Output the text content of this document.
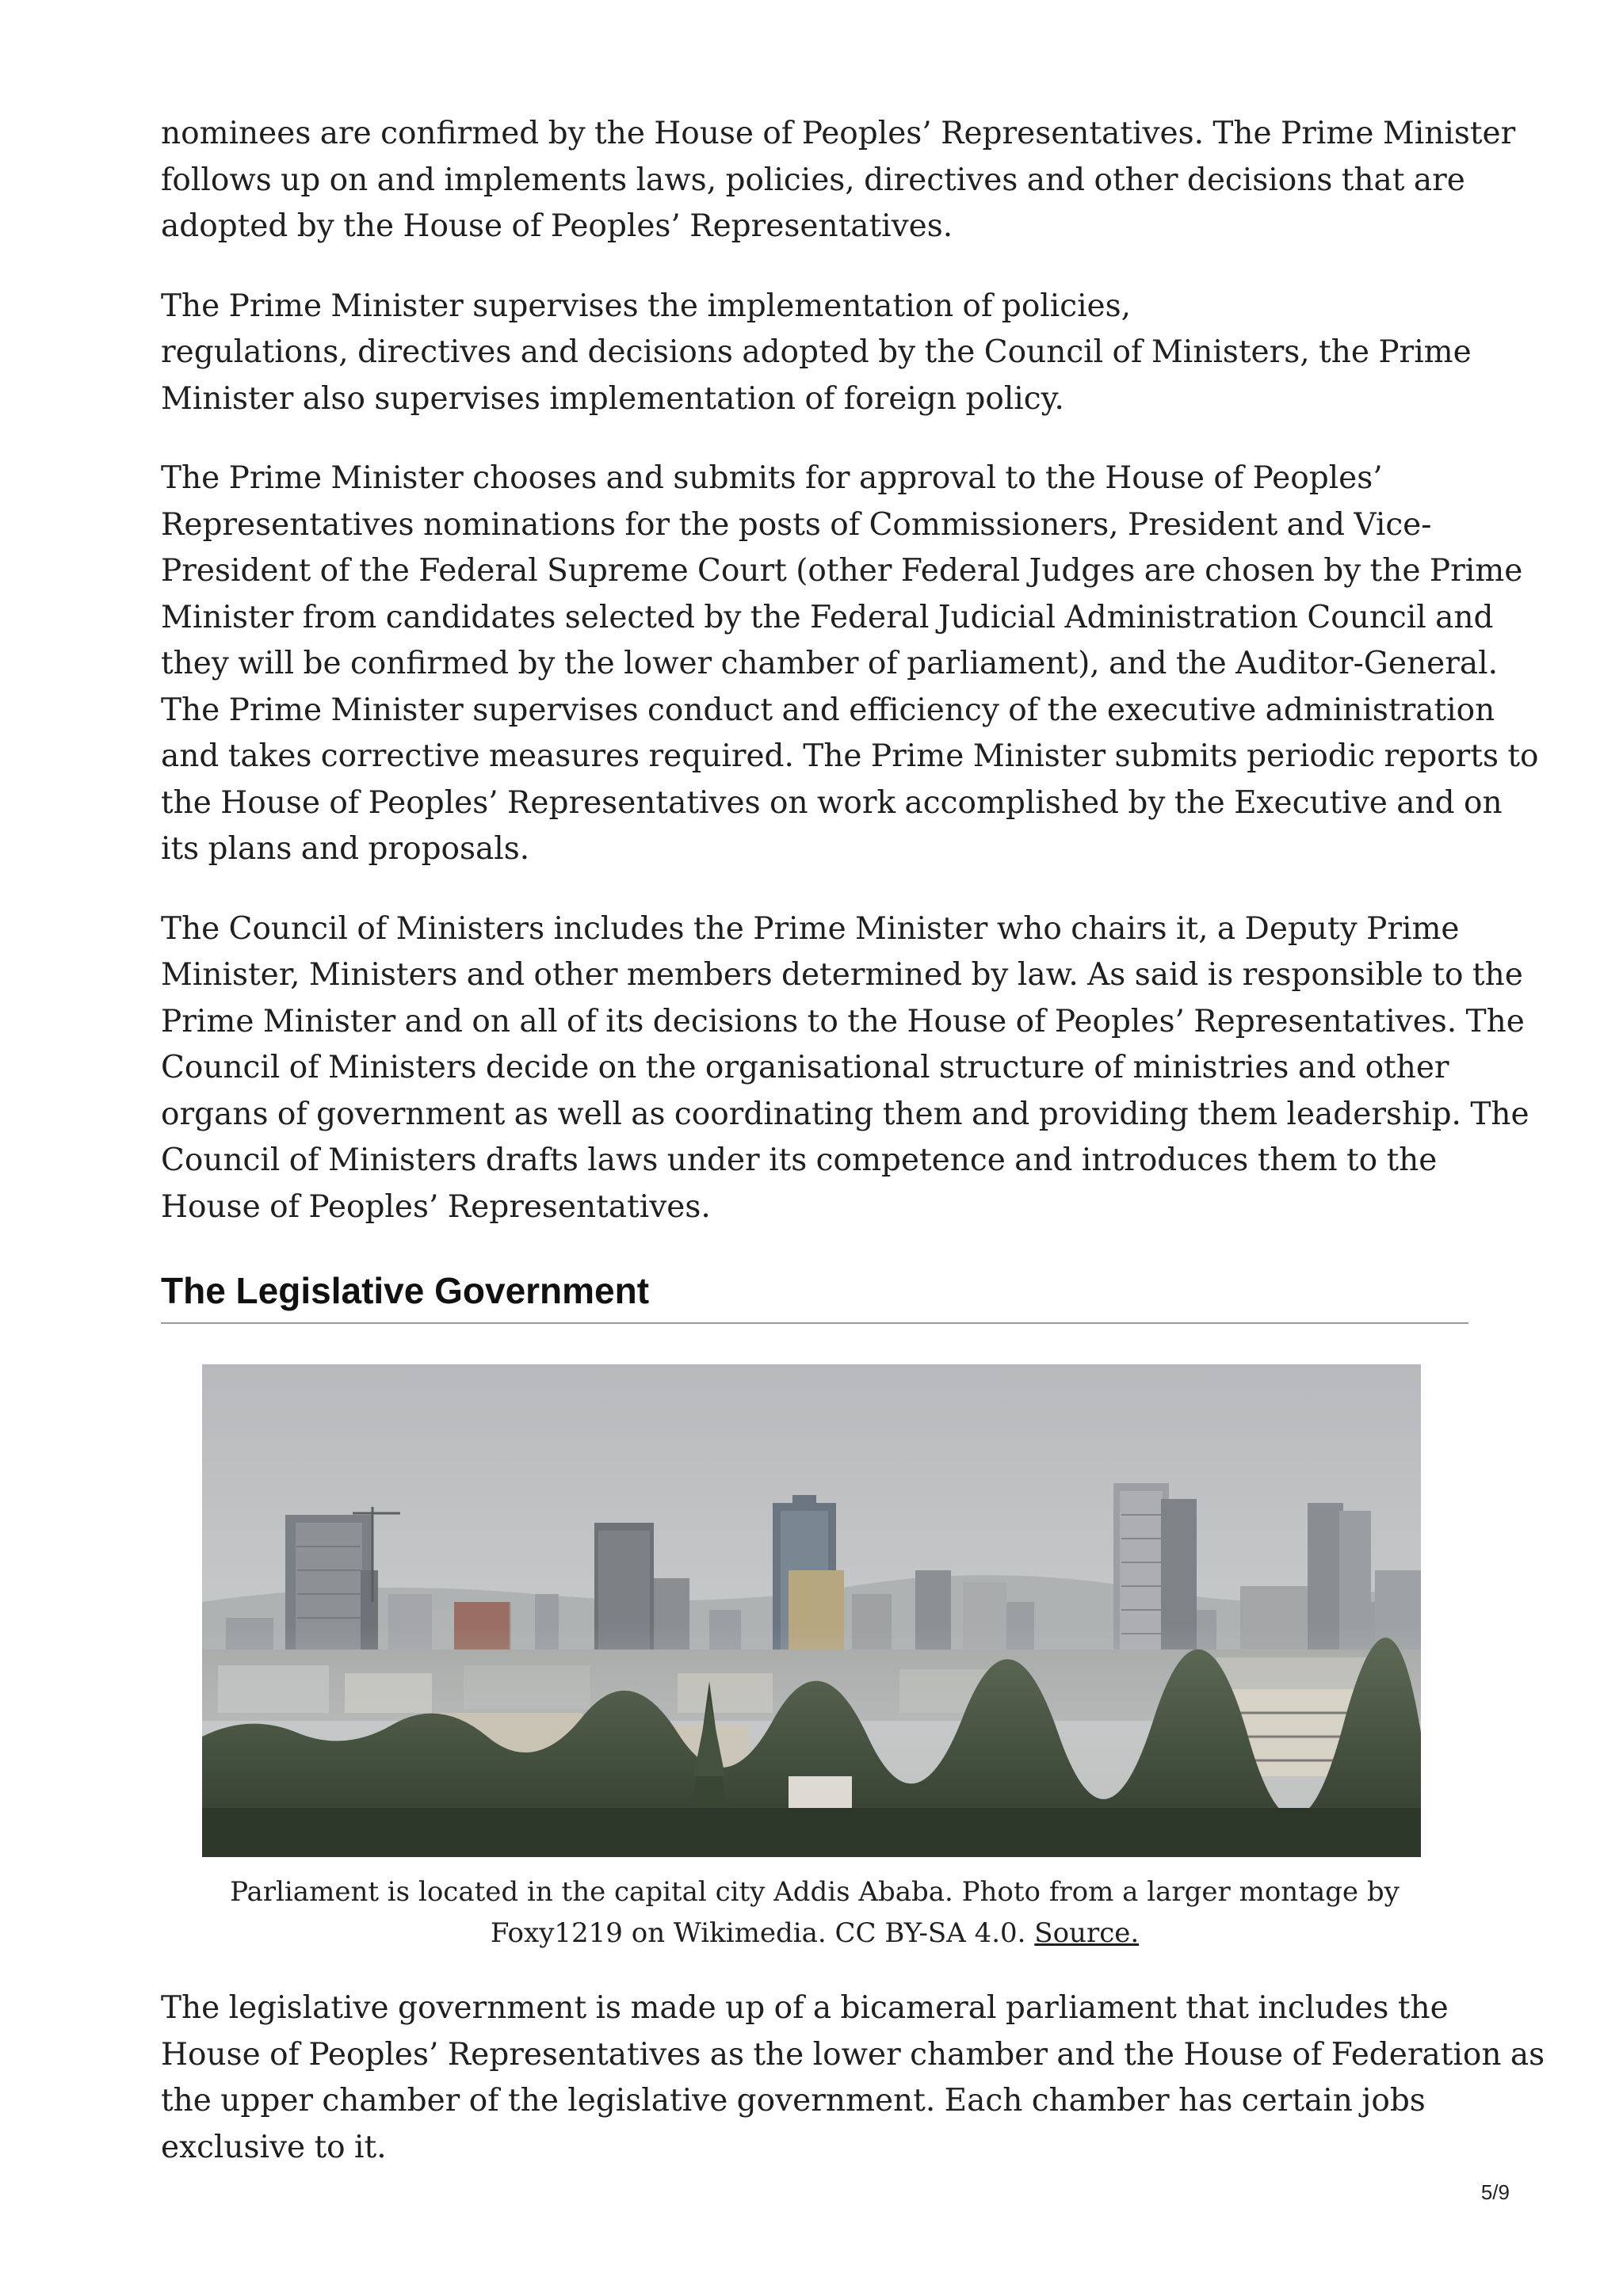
nominees are confirmed by the House of Peoples’ Representatives. The Prime Minister
follows up on and implements laws, policies, directives and other decisions that are
adopted by the House of Peoples’ Representatives.

The Prime Minister supervises the implementation of policies,
regulations, directives and decisions adopted by the Council of Ministers, the Prime
Minister also supervises implementation of foreign policy.

The Prime Minister chooses and submits for approval to the House of Peoples’
Representatives nominations for the posts of Commissioners, President and Vice-
President of the Federal Supreme Court (other Federal Judges are chosen by the Prime
Minister from candidates selected by the Federal Judicial Administration Council and
they will be confirmed by the lower chamber of parliament), and the Auditor-General.
The Prime Minister supervises conduct and efficiency of the executive administration
and takes corrective measures required. The Prime Minister submits periodic reports to
the House of Peoples’ Representatives on work accomplished by the Executive and on
its plans and proposals.

The Council of Ministers includes the Prime Minister who chairs it, a Deputy Prime
Minister, Ministers and other members determined by law. As said is responsible to the
Prime Minister and on all of its decisions to the House of Peoples’ Representatives. The
Council of Ministers decide on the organisational structure of ministries and other
organs of government as well as coordinating them and providing them leadership. The
Council of Ministers drafts laws under its competence and introduces them to the
House of Peoples’ Representatives.

The Legislative Government
Parliament is located in the capital city Addis Ababa. Photo from a larger montage by
Foxy1219 on Wikimedia. CC BY-SA 4.0. Source.

The legislative government is made up of a bicameral parliament that includes the
House of Peoples’ Representatives as the lower chamber and the House of Federation as
the upper chamber of the legislative government. Each chamber has certain jobs
exclusive to it.

5/9
